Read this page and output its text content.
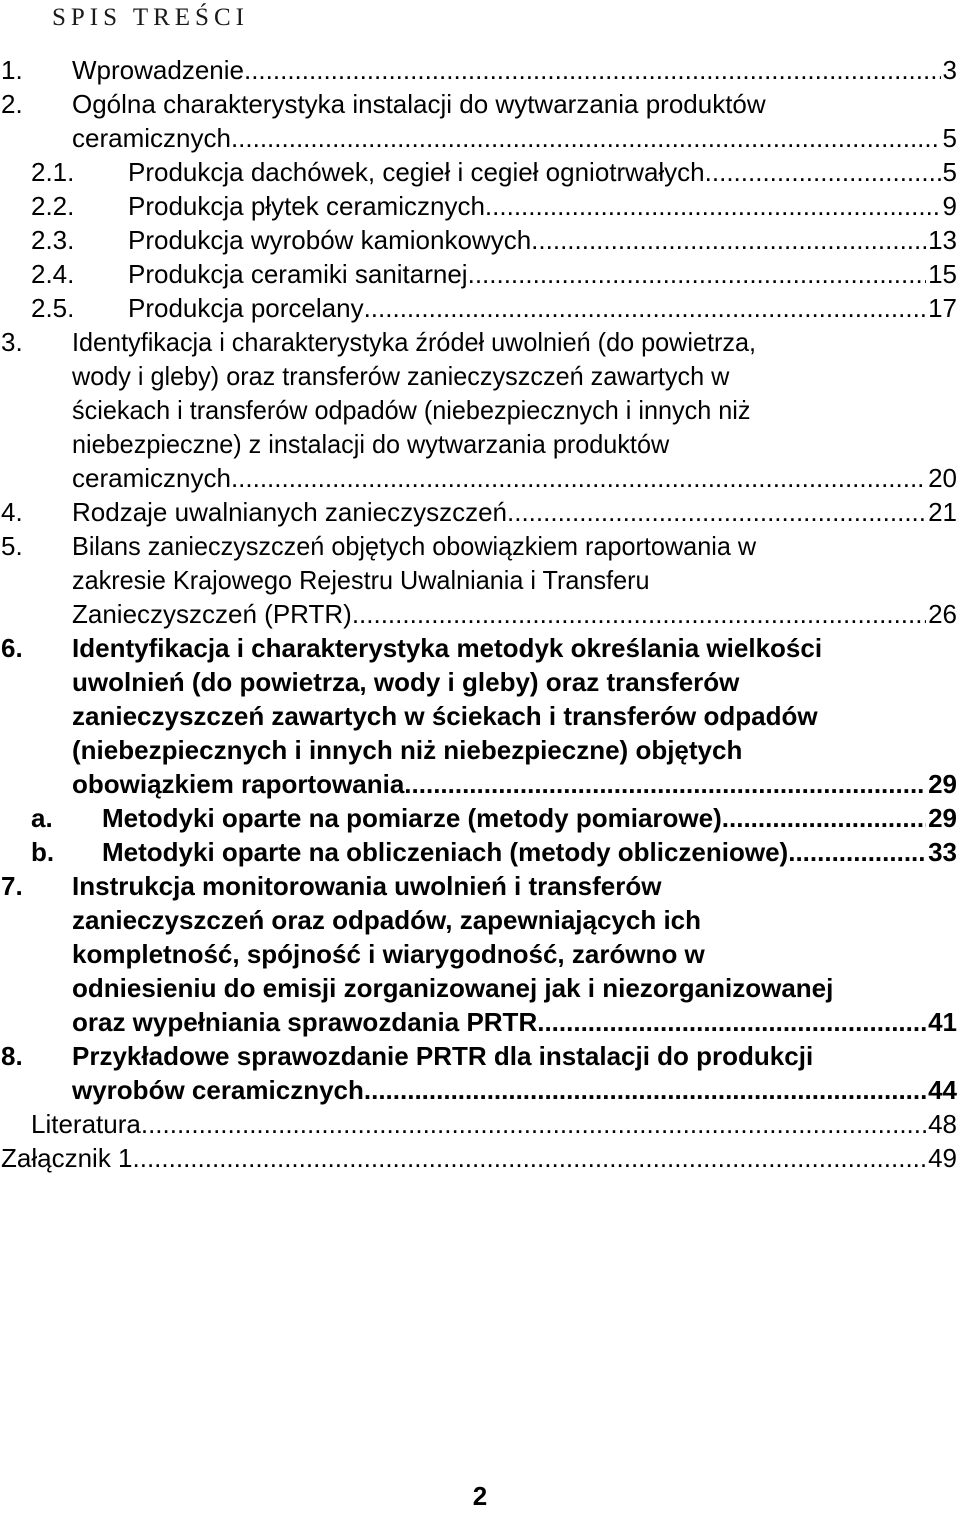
SPIS TREŚCI
1. Wprowadzenie .....	3
2. Ogólna charakterystyka instalacji do wytwarzania produktów
ceramicznych .....	5
2.1. Produkcja dachówek, cegieł i cegieł ogniotrwałych .....	5
2.2. Produkcja płytek ceramicznych .....	9
2.3. Produkcja wyrobów kamionkowych .....	13
2.4. Produkcja ceramiki sanitarnej .....	15
2.5. Produkcja porcelany .....	17
3. Identyfikacja i charakterystyka źródeł uwolnień (do powietrza,
wody i gleby) oraz transferów zanieczyszczeń zawartych w
ściekach i transferów odpadów (niebezpiecznych i innych niż
niebezpieczne) z instalacji do wytwarzania produktów
ceramicznych .....	20
4. Rodzaje uwalnianych zanieczyszczeń .....	21
5. Bilans zanieczyszczeń objętych obowiązkiem raportowania w
zakresie Krajowego Rejestru Uwalniania i Transferu
Zanieczyszczeń (PRTR) .....	26
6. Identyfikacja i charakterystyka metodyk określania wielkości
uwolnień (do powietrza, wody i gleby) oraz transferów
zanieczyszczeń zawartych w ściekach i transferów odpadów
(niebezpiecznych i innych niż niebezpieczne) objętych
obowiązkiem raportowania .....	29
a. Metodyki oparte na pomiarze (metody pomiarowe) .....	29
b. Metodyki oparte na obliczeniach (metody obliczeniowe) .....	33
7. Instrukcja monitorowania uwolnień i transferów
zanieczyszczeń oraz odpadów, zapewniających ich
kompletność, spójność i wiarygodność, zarówno w
odniesieniu do emisji zorganizowanej jak i niezorganizowanej
oraz wypełniania sprawozdania PRTR. .....	41
8. Przykładowe sprawozdanie PRTR dla instalacji do produkcji
wyrobów ceramicznych .....	44
Literatura .....	48
Załącznik 1. .....	49
2
